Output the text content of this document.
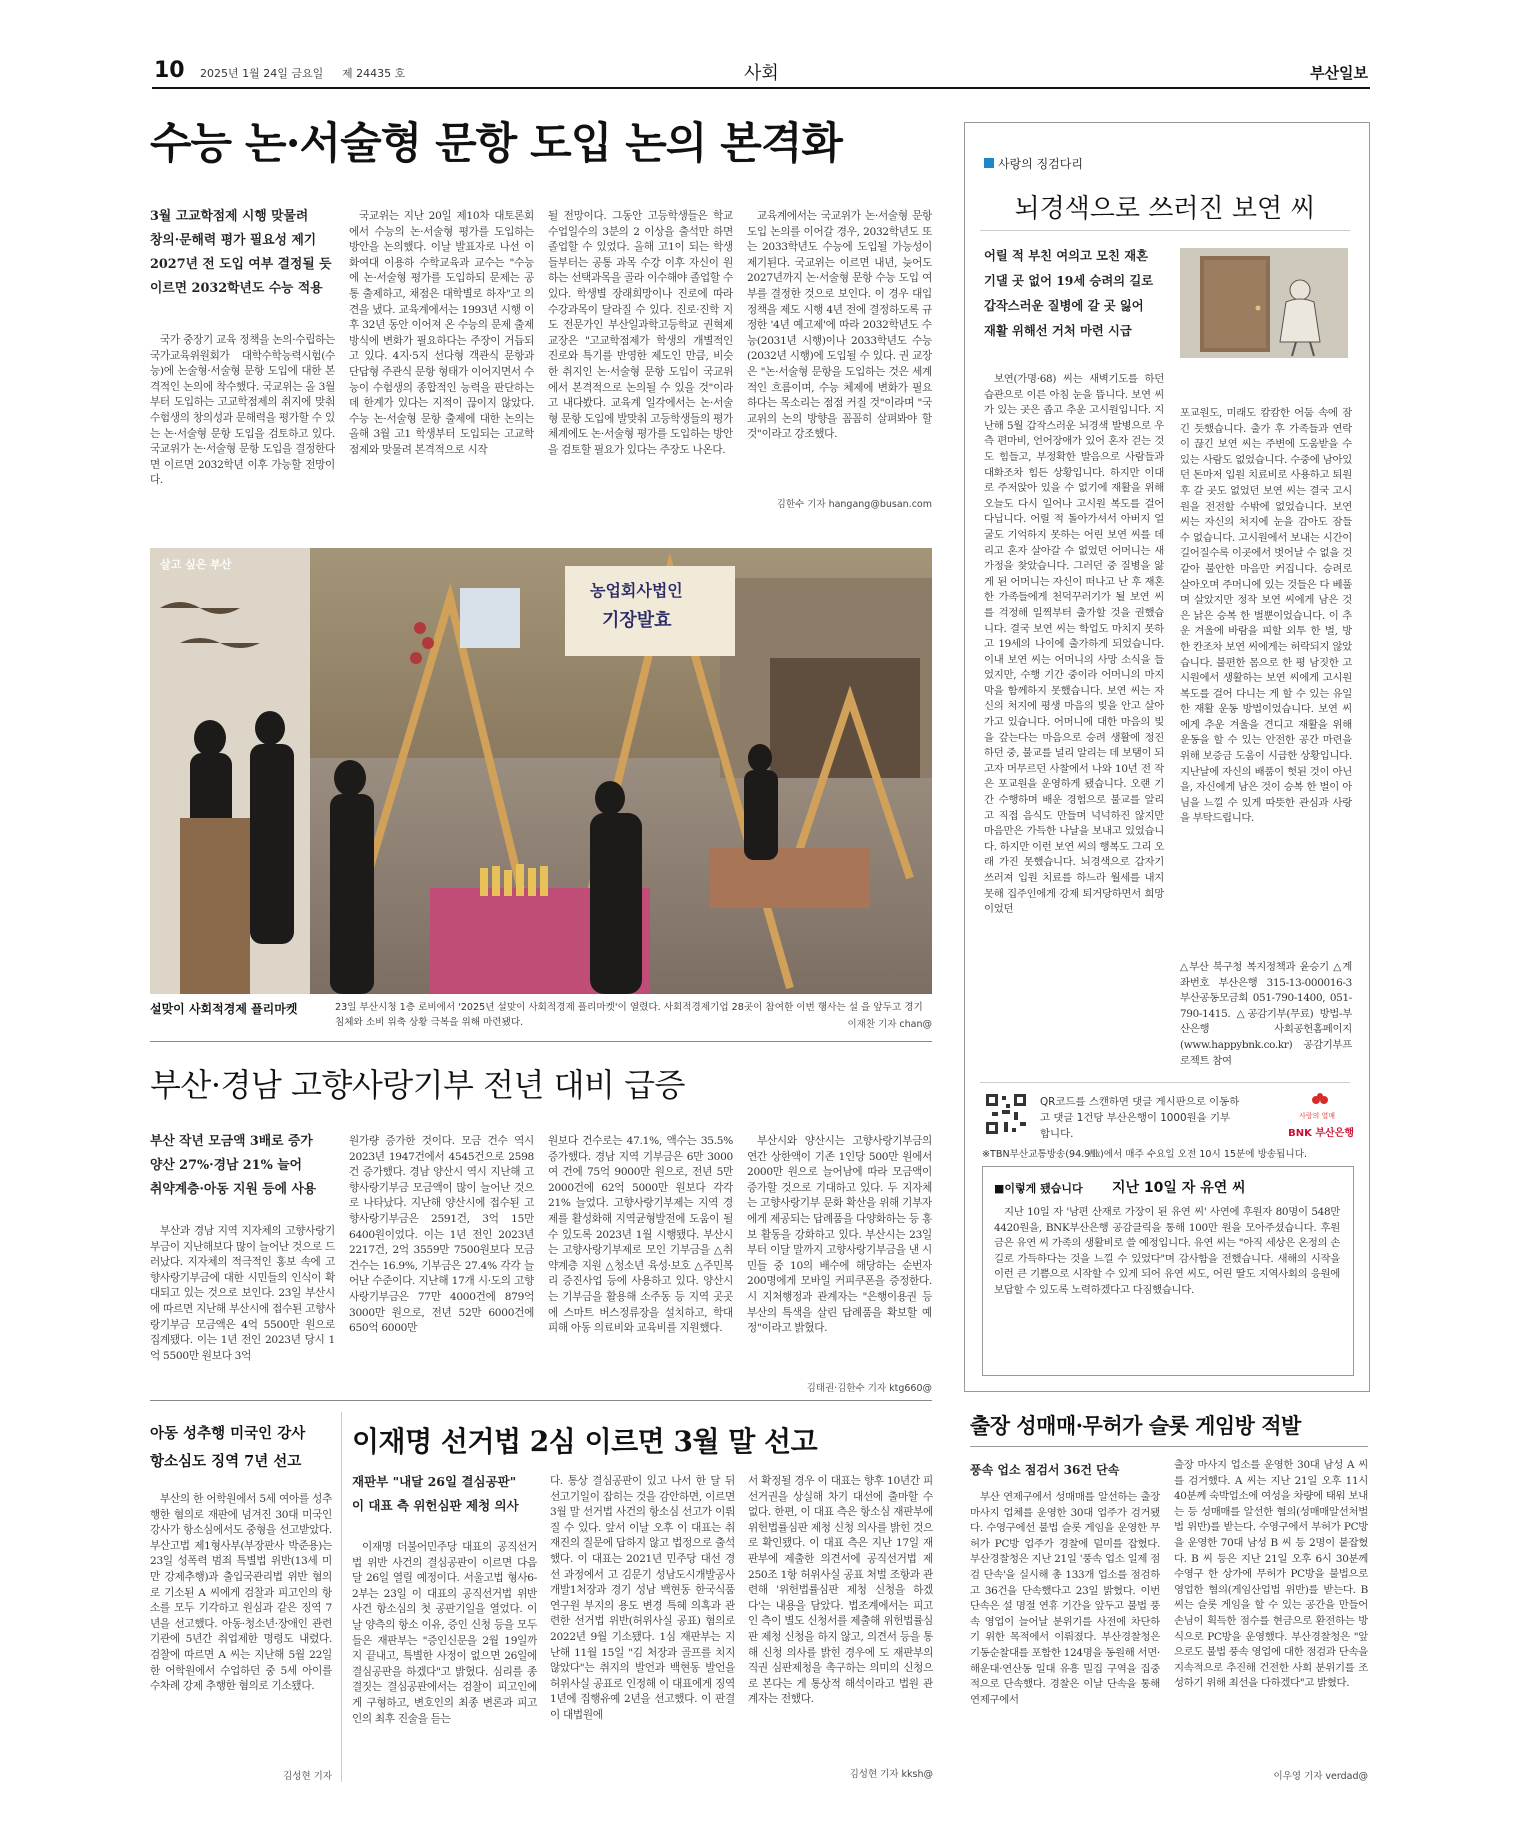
10 2025년 1월 24일 금요일 제 24435 호	사회	부산일보
수능 논·서술형 문항 도입 논의 본격화
3월 고교학점제 시행 맞물려
창의·문해력 평가 필요성 제기
2027년 전 도입 여부 결정될 듯
이르면 2032학년도 수능 적용
국가 중장기 교육 정책을 논의·수립하는 국가교육위원회가 대학수학능력시험(수능)에 논술형·서술형 문항 도입에 대한 본격적인 논의에 착수했다. 국교위는 올 3월부터 도입하는 고교학점제의 취지에 맞춰 수험생의 창의성과 문해력을 평가할 수 있는 논·서술형 문항 도입을 검토하고 있다. 국교위가 논·서술형 문항 도입을 결정한다면 이르면 2032학년 이후 가능할 전망이다.
국교위는 지난 20일 제10차 대토론회에서 수능의 논·서술형 평가를 도입하는 방안을 논의했다. 이날 발표자로 나선 이화여대 이용하 수학교육과 교수는 "수능에 논·서술형 평가를 도입하되 문제는 공통 출제하고, 채점은 대학별로 하자"고 의견을 냈다. 교육계에서는 1993년 시행 이후 32년 동안 이어져 온 수능의 문제 출제 방식에 변화가 필요하다는 주장이 거듭되고 있다. 4지·5지 선다형 객관식 문항과 단답형 주관식 문항 형태가 이어지면서 수능이 수험생의 종합적인 능력을 판단하는 데 한계가 있다는 지적이 끊이지 않았다. 수능 논·서술형 문항 출제에 대한 논의는 올해 3월 고1 학생부터 도입되는 고교학점제와 맞물려 본격적으로 시작
될 전망이다. 그동안 고등학생들은 학교 수업일수의 3분의 2 이상을 출석만 하면 졸업할 수 있었다. 올해 고1이 되는 학생들부터는 공통 과목 수강 이후 자신이 원하는 선택과목을 골라 이수해야 졸업할 수 있다. 학생별 장래희망이나 진로에 따라 수강과목이 달라질 수 있다. 진로·진학 지도 전문가인 부산일과학고등학교 권혁제 교장은 "고교학점제가 학생의 개별적인 진로와 특기를 반영한 제도인 만큼, 비슷한 취지인 논·서술형 문항 도입이 국교위에서 본격적으로 논의될 수 있을 것"이라고 내다봤다. 교육계 일각에서는 논·서술형 문항 도입에 발맞춰 고등학생들의 평가 체계에도 논·서술형 평가를 도입하는 방안을 검토할 필요가 있다는 주장도 나온다.
교육계에서는 국교위가 논·서술형 문항 도입 논의를 이어갈 경우, 2032학년도 또는 2033학년도 수능에 도입될 가능성이 제기된다. 국교위는 이르면 내년, 늦어도 2027년까지 논·서술형 문항 수능 도입 여부를 결정한 것으로 보인다. 이 경우 대입 정책을 제도 시행 4년 전에 결정하도록 규정한 '4년 예고제'에 따라 2032학년도 수능(2031년 시행)이나 2033학년도 수능(2032년 시행)에 도입될 수 있다. 권 교장은 "논·서술형 문항을 도입하는 것은 세계적인 흐름이며, 수능 체제에 변화가 필요하다는 목소리는 점점 커질 것"이라며 "국교위의 논의 방향을 꼼꼼히 살펴봐야 할 것"이라고 강조했다.
김한수 기자 hangang@busan.com
살고 싶은 부산
농업회사법인
기장발효
설맞이 사회적경제 플리마켓	23일 부산시청 1층 로비에서 '2025년 설맞이 사회적경제 플리마켓'이 열렸다. 사회적경제기업 28곳이 참여한 이번 행사는 설 을 앞두고 경기 침체와 소비 위축 상황 극복을 위해 마련됐다.	이재찬 기자 chan@
부산·경남 고향사랑기부 전년 대비 급증
부산 작년 모금액 3배로 증가
양산 27%·경남 21% 늘어
취약계층·아동 지원 등에 사용
부산과 경남 지역 지자체의 고향사랑기부금이 지난해보다 많이 늘어난 것으로 드러났다. 지자체의 적극적인 홍보 속에 고향사랑기부금에 대한 시민들의 인식이 확대되고 있는 것으로 보인다. 23일 부산시에 따르면 지난해 부산시에 접수된 고향사랑기부금 모금액은 4억 5500만 원으로 집계됐다. 이는 1년 전인 2023년 당시 1억 5500만 원보다 3억
원가량 증가한 것이다. 모금 건수 역시 2023년 1947건에서 4545건으로 2598건 증가했다. 경남 양산시 역시 지난해 고향사랑기부금 모금액이 많이 늘어난 것으로 나타났다. 지난해 양산시에 접수된 고향사랑기부금은 2591건, 3억 15만 6400원이었다. 이는 1년 전인 2023년 2217건, 2억 3559만 7500원보다 모금 건수는 16.9%, 기부금은 27.4% 각각 늘어난 수준이다. 지난해 17개 시·도의 고향사랑기부금은 77만 4000건에 879억 3000만 원으로, 전년 52만 6000건에 650억 6000만
원보다 건수로는 47.1%, 액수는 35.5% 증가했다. 경남 지역 기부금은 6만 3000여 건에 75억 9000만 원으로, 전년 5만 2000건에 62억 5000만 원보다 각각 21% 늘었다. 고향사랑기부제는 지역 경제를 활성화해 지역균형발전에 도움이 될 수 있도록 2023년 1월 시행됐다. 부산시는 고향사랑기부제로 모인 기부금을 △취약계층 지원 △청소년 육성·보호 △주민복리 증진사업 등에 사용하고 있다. 양산시는 기부금을 활용해 소주동 등 지역 곳곳에 스마트 버스정류장을 설치하고, 학대 피해 아동 의료비와 교육비를 지원했다.
부산시와 양산시는 고향사랑기부금의 연간 상한액이 기존 1인당 500만 원에서 2000만 원으로 늘어남에 따라 모금액이 증가할 것으로 기대하고 있다. 두 지자체는 고향사랑기부 문화 확산을 위해 기부자에게 제공되는 답례품을 다양화하는 등 홍보 활동을 강화하고 있다. 부산시는 23일부터 이달 말까지 고향사랑기부금을 낸 시민들 중 10의 배수에 해당하는 순번자 200명에게 모바일 커피쿠폰을 증정한다. 시 지처행정과 관계자는 "은행이용권 등 부산의 특색을 살린 답례품을 확보할 예정"이라고 밝혔다.
김태권·김한수 기자 ktg660@
아동 성추행 미국인 강사
항소심도 징역 7년 선고
부산의 한 어학원에서 5세 여아를 성추행한 혐의로 재판에 넘겨진 30대 미국인 강사가 항소심에서도 중형을 선고받았다. 부산고법 제1형사부(부장판사 박준용)는 23일 성폭력 범죄 특별법 위반(13세 미만 강제추행)과 출입국관리법 위반 혐의로 기소된 A 씨에게 검찰과 피고인의 항소를 모두 기각하고 원심과 같은 징역 7년을 선고했다. 아동·청소년·장애인 관련 기관에 5년간 취업제한 명령도 내렸다. 검찰에 따르면 A 씨는 지난해 5월 22일 한 어학원에서 수업하던 중 5세 아이를 수차례 강제 추행한 혐의로 기소됐다.
김성현 기자
이재명 선거법 2심 이르면 3월 말 선고
재판부 "내달 26일 결심공판"
이 대표 측 위헌심판 제청 의사
이재명 더불어민주당 대표의 공직선거법 위반 사건의 결심공판이 이르면 다음 달 26일 열릴 예정이다. 서울고법 형사6-2부는 23일 이 대표의 공직선거법 위반 사건 항소심의 첫 공판기일을 열었다. 이날 양측의 항소 이유, 증인 신청 등을 모두 들은 재판부는 "증인신문을 2월 19일까지 끝내고, 특별한 사정이 없으면 26일에 결심공판을 하겠다"고 밝혔다. 심리를 종결짓는 결심공판에서는 검찰이 피고인에게 구형하고, 변호인의 최종 변론과 피고인의 최후 진술을 듣는
다. 통상 결심공판이 있고 나서 한 달 뒤 선고기일이 잡히는 것을 감안하면, 이르면 3월 말 선거법 사건의 항소심 선고가 이뤄질 수 있다. 앞서 이날 오후 이 대표는 취재진의 질문에 답하지 않고 법정으로 출석했다. 이 대표는 2021년 민주당 대선 경선 과정에서 고 김문기 성남도시개발공사 개발1처장과 경기 성남 백현동 한국식품연구원 부지의 용도 변경 특혜 의혹과 관련한 선거법 위반(허위사실 공표) 혐의로 2022년 9월 기소됐다. 1심 재판부는 지난해 11월 15일 "김 처장과 골프를 치지 않았다"는 취지의 발언과 백현동 발언을 허위사실 공표로 인정해 이 대표에게 징역 1년에 집행유예 2년을 선고했다. 이 판결이 대법원에
서 확정될 경우 이 대표는 향후 10년간 피선거권을 상실해 차기 대선에 출마할 수 없다. 한편, 이 대표 측은 항소심 재판부에 위헌법률심판 제청 신청 의사를 밝힌 것으로 확인됐다. 이 대표 측은 지난 17일 재판부에 제출한 의견서에 공직선거법 제250조 1항 허위사실 공표 처벌 조항과 관련해 '위헌법률심판 제청 신청을 하겠다'는 내용을 담았다. 법조계에서는 피고인 측이 별도 신청서를 제출해 위헌법률심판 제청 신청을 하지 않고, 의견서 등을 통해 신청 의사를 밝힌 경우에 도 재판부의 직권 심판제청을 촉구하는 의미의 신청으로 본다는 게 통상적 해석이라고 법원 관계자는 전했다.
김성현 기자 kksh@
사랑의 징검다리
뇌경색으로 쓰러진 보연 씨
어릴 적 부친 여의고 모친 재혼
기댈 곳 없어 19세 승려의 길로
갑작스러운 질병에 갈 곳 잃어
재활 위해선 거처 마련 시급
보연(가명·68) 씨는 새벽기도를 하던 습관으로 이른 아침 눈을 뜹니다. 보연 씨가 있는 곳은 좁고 추운 고시원입니다. 지난해 5월 갑작스러운 뇌경색 발병으로 우측 편마비, 언어장애가 있어 혼자 걷는 것도 힘들고, 부정확한 발음으로 사람들과 대화조차 힘든 상황입니다. 하지만 이대로 주저앉아 있을 수 없기에 재활을 위해 오늘도 다시 일어나 고시원 복도를 걸어 다닙니다. 어릴 적 돌아가셔서 아버지 얼굴도 기억하지 못하는 어린 보연 씨를 데리고 혼자 살아갈 수 없었던 어머니는 새 가정을 찾았습니다. 그러던 중 질병을 앓게 된 어머니는 자신이 떠나고 난 후 재혼한 가족들에게 천덕꾸러기가 될 보연 씨를 걱정해 일찍부터 출가할 것을 권했습니다. 결국 보연 씨는 학업도 마치지 못하고 19세의 나이에 출가하게 되었습니다. 이내 보연 씨는 어머니의 사망 소식을 들었지만, 수행 기간 중이라 어머니의 마지막을 함께하지 못했습니다. 보연 씨는 자신의 처지에 평생 마음의 빚을 안고 살아가고 있습니다. 어머니에 대한 마음의 빚을 갚는다는 마음으로 승려 생활에 정진하던 중, 불교를 널리 알리는 데 보탬이 되고자 머무르던 사찰에서 나와 10년 전 작은 포교원을 운영하게 됐습니다. 오랜 기간 수행하며 배운 경험으로 불교를 알리고 직접 음식도 만들며 넉넉하진 않지만 마음만은 가득한 나날을 보내고 있었습니다. 하지만 이런 보연 씨의 행복도 그리 오래 가진 못했습니다. 뇌경색으로 갑자기 쓰러져 입원 치료를 하느라 월세를 내지 못해 집주인에게 강제 퇴거당하면서 희망이었던
포교원도, 미래도 캄캄한 어둠 속에 잠긴 듯했습니다. 출가 후 가족들과 연락이 끊긴 보연 씨는 주변에 도움받을 수 있는 사람도 없었습니다. 수중에 남아있던 돈마저 입원 치료비로 사용하고 퇴원 후 갈 곳도 없었던 보연 씨는 결국 고시원을 전전할 수밖에 없었습니다. 보연 씨는 자신의 처지에 눈을 감아도 잠들 수 없습니다. 고시원에서 보내는 시간이 길어질수록 이곳에서 벗어날 수 없을 것 같아 불안한 마음만 커집니다. 승려로 살아오며 주머니에 있는 것들은 다 베풀며 살았지만 정작 보연 씨에게 남은 것은 낡은 승복 한 벌뿐이었습니다. 이 추운 겨울에 바람을 피할 외투 한 벌, 방 한 칸조차 보연 씨에게는 허락되지 않았습니다. 불편한 몸으로 한 평 남짓한 고시원에서 생활하는 보연 씨에게 고시원 복도를 걸어 다니는 게 할 수 있는 유일한 재활 운동 방법이었습니다. 보연 씨에게 추운 겨울을 견디고 재활을 위해 운동을 할 수 있는 안전한 공간 마련을 위해 보증금 도움이 시급한 상황입니다. 지난날에 자신의 배품이 헛된 것이 아닌을, 자신에게 남은 것이 승복 한 벌이 아님을 느낄 수 있게 따뜻한 관심과 사랑을 부탁드립니다.
△부산 북구청 복지정책과 윤승기 △계좌번호 부산은행 315-13-000016-3 부산공동모금회 051-790-1400, 051-790-1415. △공감기부(무료) 방법-부산은행 사회공헌홈페이지(www.happybnk.co.kr) 공감기부프로젝트 참여
QR코드를 스캔하면 댓글 게시판으로 이동하고 댓글 1건당 부산은행이 1000원을 기부합니다.
사랑의 열매
BNK 부산은행
※TBN부산교통방송(94.9㎒)에서 매주 수요일 오전 10시 15분에 방송됩니다.
■이렇게 됐습니다 지난 10일 자 유연 씨
지난 10일 자 '남편 산재로 가장이 된 유연 씨' 사연에 후원자 80명이 548만 4420원을, BNK부산은행 공감클릭을 통해 100만 원을 모아주셨습니다. 후원금은 유연 씨 가족의 생활비로 쓸 예정입니다. 유연 씨는 "아직 세상은 온정의 손길로 가득하다는 것을 느낄 수 있었다"며 감사함을 전했습니다. 새해의 시작을 이런 큰 기쁨으로 시작할 수 있게 되어 유연 씨도, 어린 딸도 지역사회의 응원에 보답할 수 있도록 노력하겠다고 다짐했습니다.
출장 성매매·무허가 슬롯 게임방 적발
풍속 업소 점검서 36건 단속
부산 연제구에서 성매매를 알선하는 출장 마사지 업체를 운영한 30대 업주가 검거됐다. 수영구에선 불법 슬롯 게임을 운영한 무허가 PC방 업주가 경찰에 덜미를 잡혔다. 부산경찰청은 지난 21일 '풍속 업소 일제 점검 단속'을 실시해 총 133개 업소를 점검하고 36건을 단속했다고 23일 밝혔다. 이번 단속은 설 명절 연휴 기간을 앞두고 불법 풍속 영업이 늘어날 분위기를 사전에 차단하기 위한 목적에서 이뤄졌다. 부산경찰청은 기동순찰대를 포함한 124명을 동원해 서면·해운대·연산동 일대 유흥 밀집 구역을 집중적으로 단속했다. 경찰은 이날 단속을 통해 연제구에서
출장 마사지 업소를 운영한 30대 남성 A 씨를 검거했다. A 씨는 지난 21일 오후 11시 40분께 숙박업소에 여성을 차량에 태워 보내는 등 성매매를 알선한 혐의(성매매알선처벌법 위반)를 받는다. 수영구에서 부허가 PC방을 운영한 70대 남성 B 씨 등 2명이 붙잡혔다. B 씨 등은 지난 21일 오후 6시 30분께 수영구 한 상가에 무허가 PC방을 불법으로 영업한 혐의(게임산업법 위반)를 받는다. B 씨는 슬롯 게임을 할 수 있는 공간을 만들어 손님이 획득한 점수를 현금으로 환전하는 방식으로 PC방을 운영했다. 부산경찰청은 "앞으로도 불법 풍속 영업에 대한 점검과 단속을 지속적으로 추진해 건전한 사회 분위기를 조성하기 위해 최선을 다하겠다"고 밝혔다.
이우영 기자 verdad@
